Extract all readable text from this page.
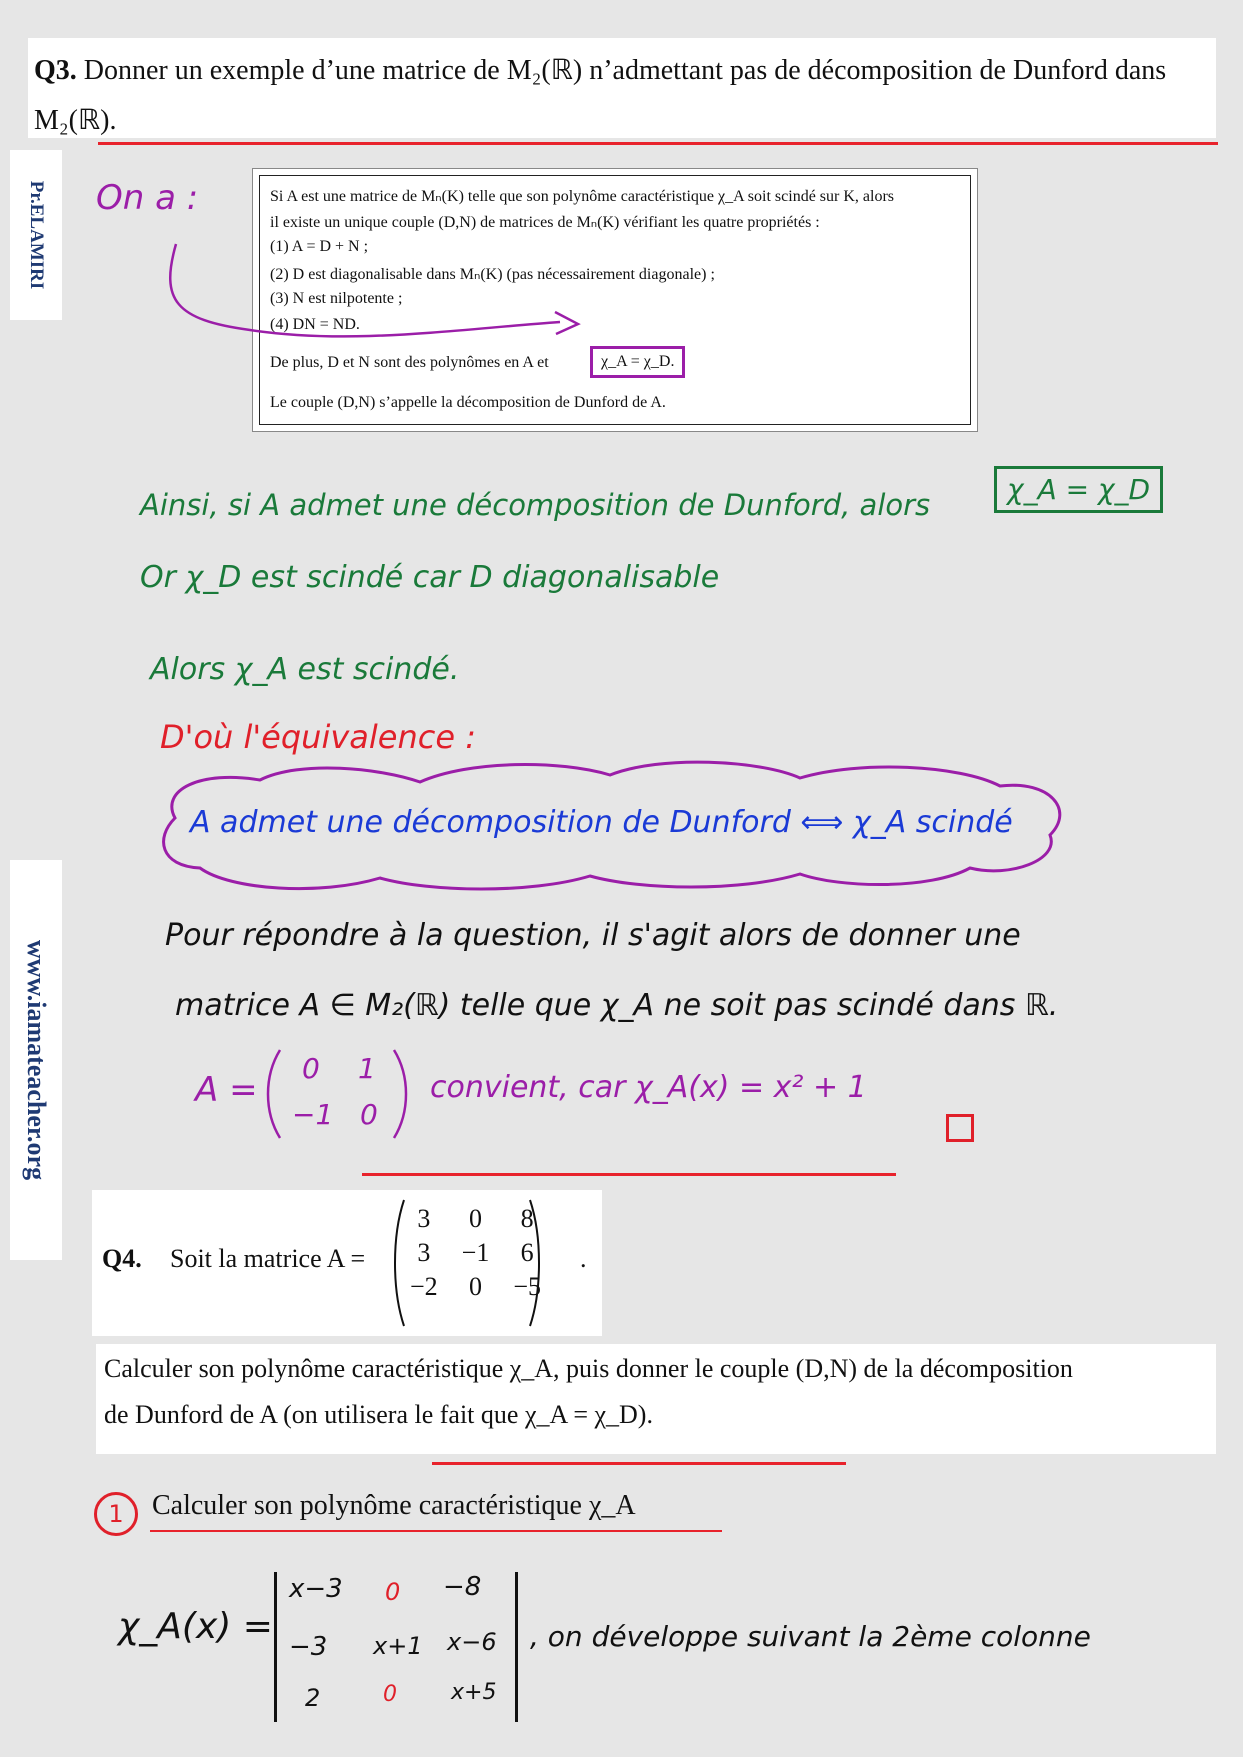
Q3. Donner un exemple d’une matrice de M₂(ℝ) n’admettant pas de décomposition de Dunford dans M₂(ℝ).
Pr.ELAMIRI
www.iamateacher.org
Si A est une matrice de Mₙ(K) telle que son polynôme caractéristique χ_A soit scindé sur K, alors
il existe un unique couple (D,N) de matrices de Mₙ(K) vérifiant les quatre propriétés :
(1) A = D + N ;
(2) D est diagonalisable dans Mₙ(K) (pas nécessairement diagonale) ;
(3) N est nilpotente ;
(4) DN = ND.
De plus, D et N sont des polynômes en A et	χ_A = χ_D.
Le couple (D,N) s’appelle la décomposition de Dunford de A.
On a :
Ainsi, si A admet une décomposition de Dunford, alors	χ_A = χ_D
Or χ_D est scindé car D diagonalisable
Alors χ_A est scindé.
D'où l'équivalence :
A admet une décomposition de Dunford ⟺ χ_A scindé
Pour répondre à la question, il s'agit alors de donner une
matrice A ∈ M₂(ℝ) telle que χ_A ne soit pas scindé dans ℝ.
A =
0 1
−1 0
convient, car χ_A(x) = x² + 1
Q4. Soit la matrice A =
3	0	8
3	−1	6
−2	0	−5
.
Calculer son polynôme caractéristique χ_A, puis donner le couple (D,N) de la décomposition
de Dunford de A (on utilisera le fait que χ_A = χ_D).
1	Calculer son polynôme caractéristique χ_A
χ_A(x) =
x−3 0 −8
−3 x+1 x−6
2	0 x+5
, on développe suivant la 2ème colonne
